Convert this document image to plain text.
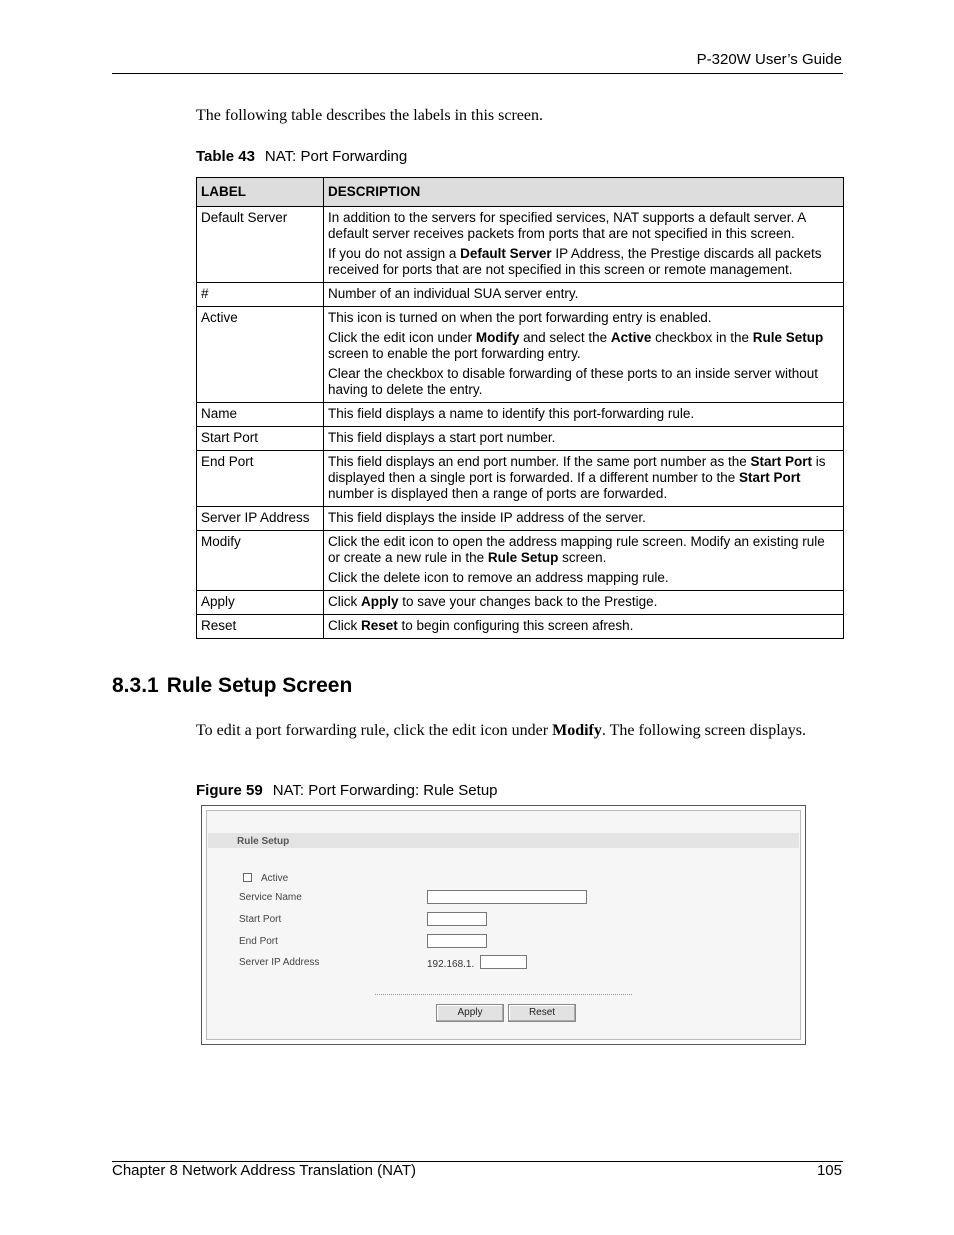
P-320W User’s Guide
The following table describes the labels in this screen.
Table 43 NAT: Port Forwarding
LABEL	DESCRIPTION
Default Server	In addition to the servers for specified services, NAT supports a default server. A default server receives packets from ports that are not specified in this screen.

If you do not assign a Default Server IP Address, the Prestige discards all packets received for ports that are not specified in this screen or remote management.

#	Number of an individual SUA server entry.

Active	This icon is turned on when the port forwarding entry is enabled.

Click the edit icon under Modify and select the Active checkbox in the Rule Setup screen to enable the port forwarding entry.

Clear the checkbox to disable forwarding of these ports to an inside server without having to delete the entry.

Name	This field displays a name to identify this port-forwarding rule.

Start Port	This field displays a start port number.

End Port	This field displays an end port number. If the same port number as the Start Port is displayed then a single port is forwarded. If a different number to the Start Port number is displayed then a range of ports are forwarded.

Server IP Address	This field displays the inside IP address of the server.

Modify	Click the edit icon to open the address mapping rule screen. Modify an existing rule or create a new rule in the Rule Setup screen.

Click the delete icon to remove an address mapping rule.

Apply	Click Apply to save your changes back to the Prestige.

Reset	Click Reset to begin configuring this screen afresh.

8.3.1 Rule Setup Screen
To edit a port forwarding rule, click the edit icon under Modify. The following screen displays.
Figure 59 NAT: Port Forwarding: Rule Setup
Rule Setup
Active
Service Name
Start Port
End Port
Server IP Address	192.168.1.
Apply	Reset
Chapter 8 Network Address Translation (NAT)	105
